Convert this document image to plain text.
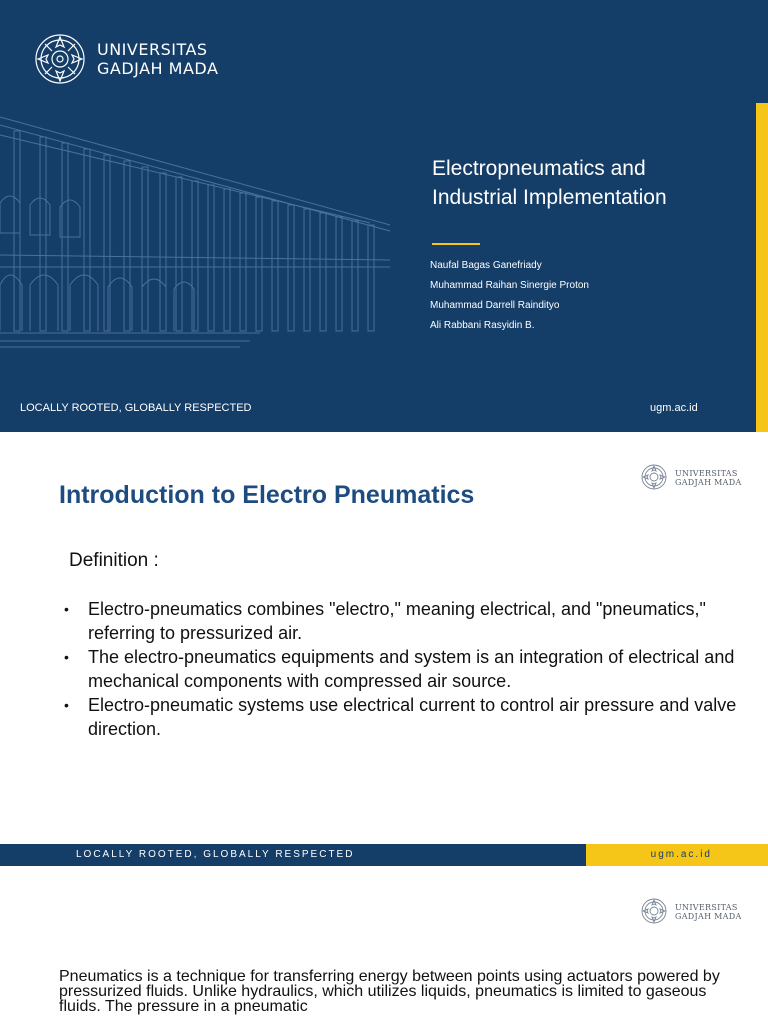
UNIVERSITAS
GADJAH MADA
Electropneumatics and
Industrial Implementation
Naufal Bagas Ganefriady
Muhammad Raihan Sinergie Proton
Muhammad Darrell Raindityo
Ali Rabbani Rasyidin B.
LOCALLY ROOTED, GLOBALLY RESPECTED	ugm.ac.id
UNIVERSITAS
GADJAH MADA
Introduction to Electro Pneumatics
Definition :
• Electro-pneumatics combines "electro," meaning electrical, and "pneumatics," referring to pressurized air.
• The electro-pneumatics equipments and system is an integration of electrical and mechanical components with compressed air source.
• Electro-pneumatic systems use electrical current to control air pressure and valve direction.
LOCALLY ROOTED, GLOBALLY RESPECTED	ugm.ac.id
UNIVERSITAS
GADJAH MADA
Pneumatics is a technique for transferring energy between points using actuators powered by pressurized fluids. Unlike hydraulics, which utilizes liquids, pneumatics is limited to gaseous fluids. The pressure in a pneumatic
